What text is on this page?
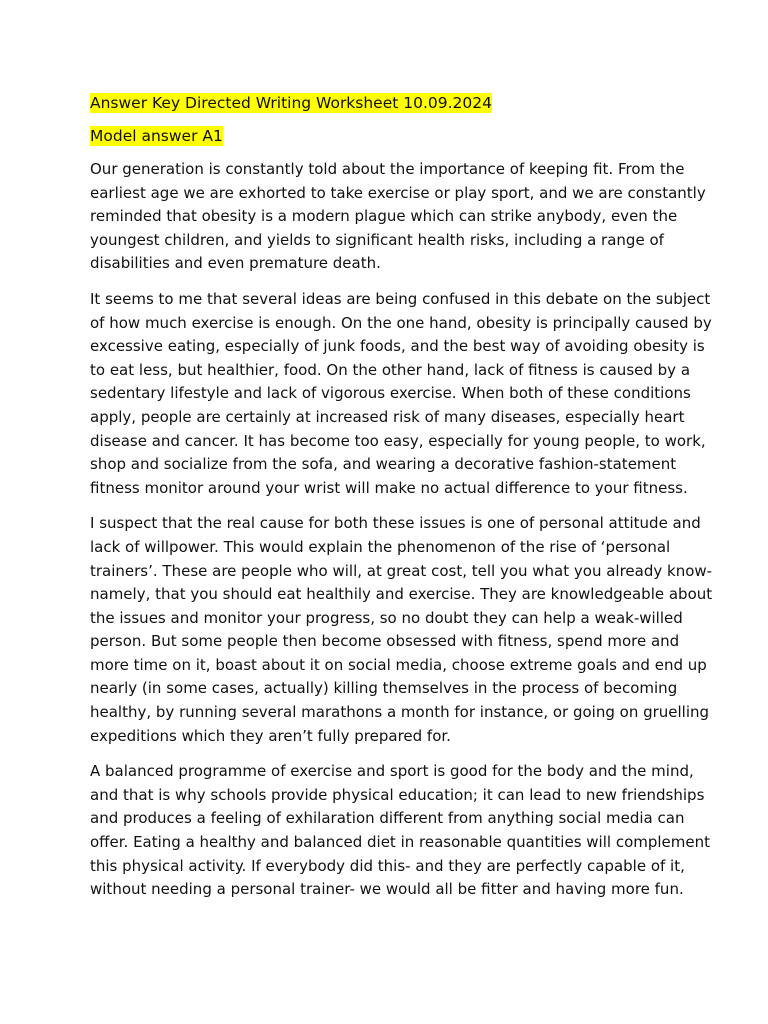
Answer Key Directed Writing Worksheet 10.09.2024

Model answer A1

Our generation is constantly told about the importance of keeping fit. From the
earliest age we are exhorted to take exercise or play sport, and we are constantly
reminded that obesity is a modern plague which can strike anybody, even the
youngest children, and yields to significant health risks, including a range of
disabilities and even premature death.

It seems to me that several ideas are being confused in this debate on the subject
of how much exercise is enough. On the one hand, obesity is principally caused by
excessive eating, especially of junk foods, and the best way of avoiding obesity is
to eat less, but healthier, food. On the other hand, lack of fitness is caused by a
sedentary lifestyle and lack of vigorous exercise. When both of these conditions
apply, people are certainly at increased risk of many diseases, especially heart
disease and cancer. It has become too easy, especially for young people, to work,
shop and socialize from the sofa, and wearing a decorative fashion-statement
fitness monitor around your wrist will make no actual difference to your fitness.

I suspect that the real cause for both these issues is one of personal attitude and
lack of willpower. This would explain the phenomenon of the rise of ‘personal
trainers’. These are people who will, at great cost, tell you what you already know-
namely, that you should eat healthily and exercise. They are knowledgeable about
the issues and monitor your progress, so no doubt they can help a weak-willed
person. But some people then become obsessed with fitness, spend more and
more time on it, boast about it on social media, choose extreme goals and end up
nearly (in some cases, actually) killing themselves in the process of becoming
healthy, by running several marathons a month for instance, or going on gruelling
expeditions which they aren’t fully prepared for.

A balanced programme of exercise and sport is good for the body and the mind,
and that is why schools provide physical education; it can lead to new friendships
and produces a feeling of exhilaration different from anything social media can
offer. Eating a healthy and balanced diet in reasonable quantities will complement
this physical activity. If everybody did this- and they are perfectly capable of it,
without needing a personal trainer- we would all be fitter and having more fun.
